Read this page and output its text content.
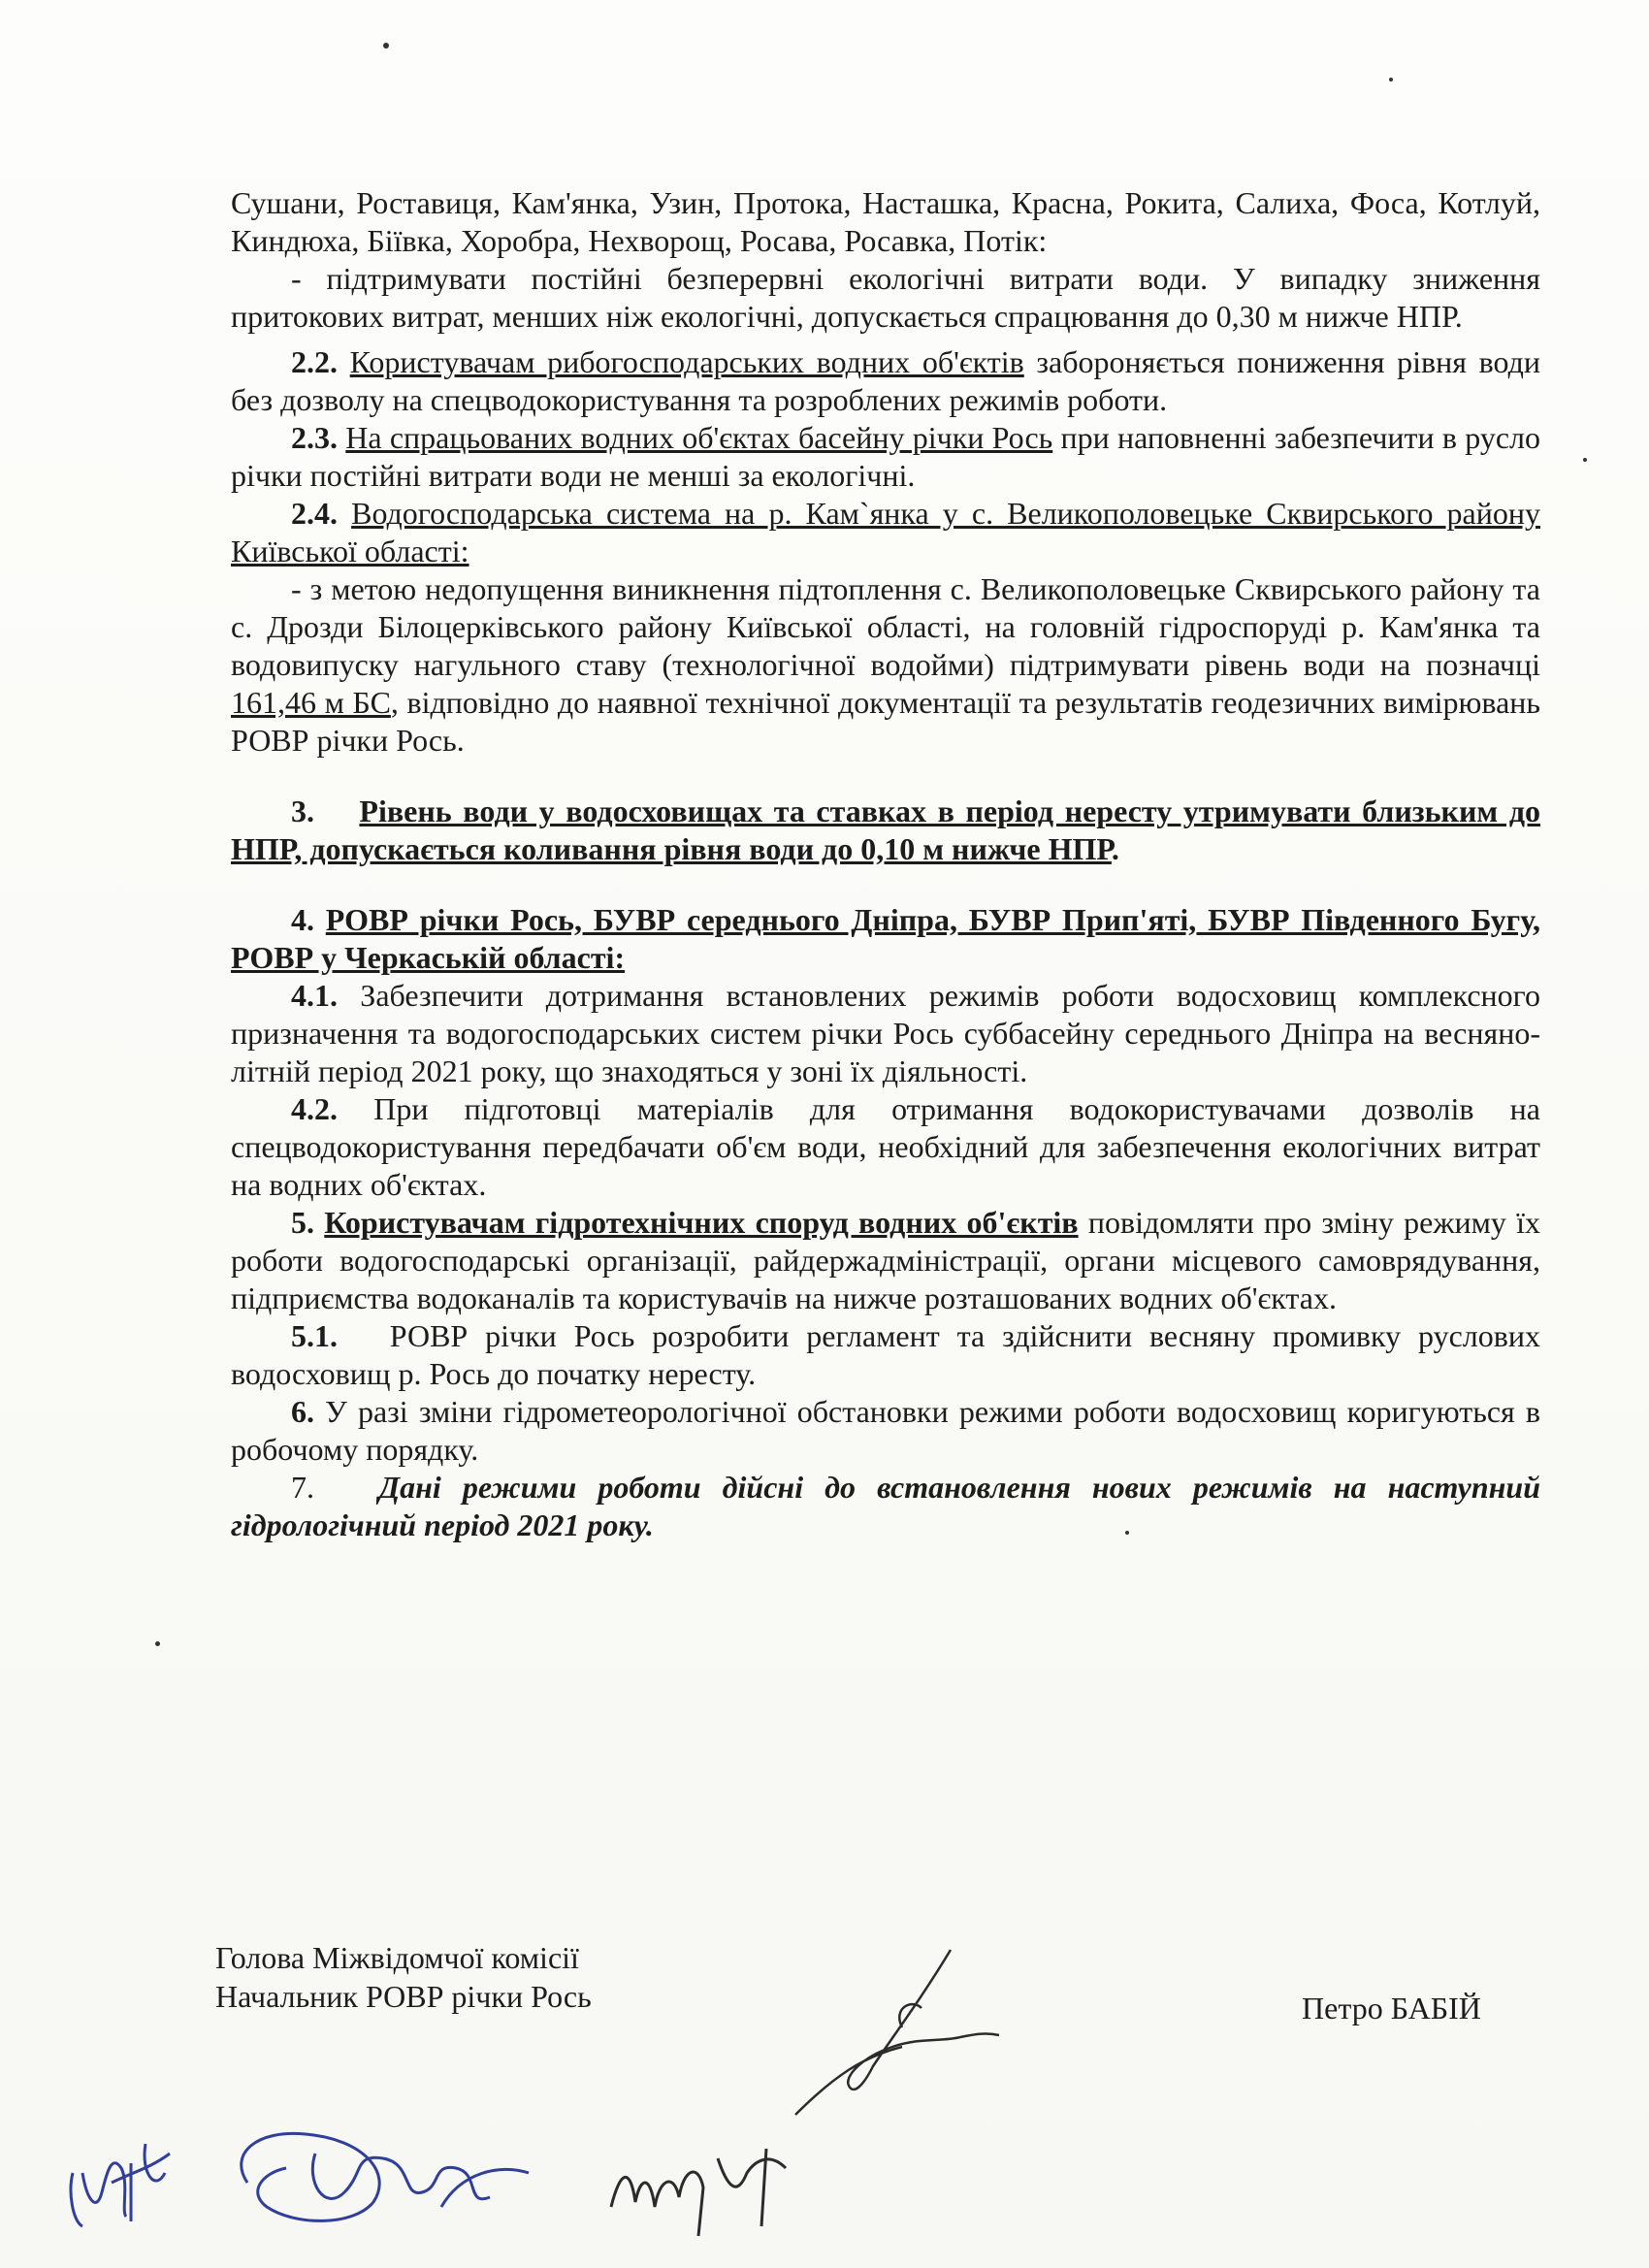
Сушани, Роставиця, Кам'янка, Узин, Протока, Насташка, Красна, Рокита, Салиха, Фоса, Котлуй, Киндюха, Біївка, Хоробра, Нехворощ, Росава, Росавка, Потік:

- підтримувати постійні безперервні екологічні витрати води. У випадку зниження притокових витрат, менших ніж екологічні, допускається спрацювання до 0,30 м нижче НПР.

2.2. Користувачам рибогосподарських водних об'єктів забороняється пониження рівня води без дозволу на спецводокористування та розроблених режимів роботи.

2.3. На спрацьованих водних об'єктах басейну річки Рось при наповненні забезпечити в русло річки постійні витрати води не менші за екологічні.

2.4. Водогосподарська система на р. Кам`янка у с. Великополовецьке Сквирського району Київської області:

- з метою недопущення виникнення підтоплення с. Великополовецьке Сквирського району та с. Дрозди Білоцерківського району Київської області, на головній гідроспоруді р. Кам'янка та водовипуску нагульного ставу (технологічної водойми) підтримувати рівень води на позначці 161,46 м БС, відповідно до наявної технічної документації та результатів геодезичних вимірювань РОВР річки Рось.

3. Рівень води у водосховищах та ставках в період нересту утримувати близьким до НПР, допускається коливання рівня води до 0,10 м нижче НПР.

4. РОВР річки Рось, БУВР середнього Дніпра, БУВР Прип'яті, БУВР Південного Бугу, РОВР у Черкаській області:

4.1. Забезпечити дотримання встановлених режимів роботи водосховищ комплексного призначення та водогосподарських систем річки Рось суббасейну середнього Дніпра на весняно-літній період 2021 року, що знаходяться у зоні їх діяльності.

4.2. При підготовці матеріалів для отримання водокористувачами дозволів на спецводокористування передбачати об'єм води, необхідний для забезпечення екологічних витрат на водних об'єктах.

5. Користувачам гідротехнічних споруд водних об'єктів повідомляти про зміну режиму їх роботи водогосподарські організації, райдержадміністрації, органи місцевого самоврядування, підприємства водоканалів та користувачів на нижче розташованих водних об'єктах.

5.1. РОВР річки Рось розробити регламент та здійснити весняну промивку руслових водосховищ р. Рось до початку нересту.

6. У разі зміни гідрометеорологічної обстановки режими роботи водосховищ коригуються в робочому порядку.

7. Дані режими роботи дійсні до встановлення нових режимів на наступний гідрологічний період 2021 року.

Голова Міжвідомчої комісії
Начальник РОВР річки Рось	Петро БАБІЙ
